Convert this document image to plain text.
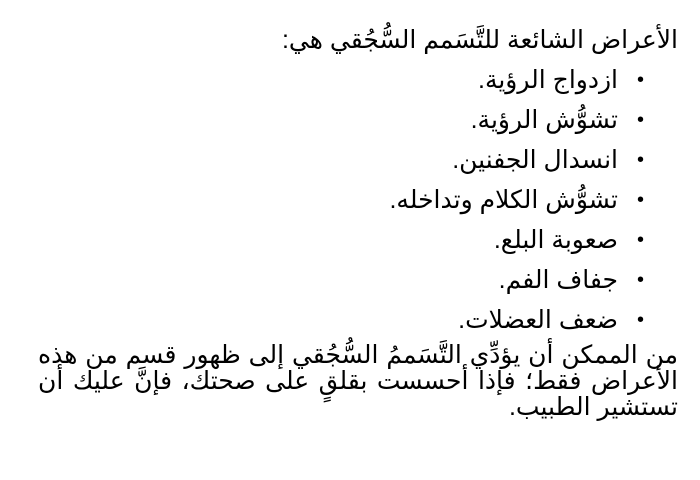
الأعراض الشائعة للتَّسَمم السُّجُقي هي:

•
ازدواج الرؤية.
•
تشوُّش الرؤية.
•
انسدال الجفنين.
•
تشوُّش الكلام وتداخله.
•
صعوبة البلع.
•
جفاف الفم.
•
ضعف العضلات.

من الممكن أن يؤدِّي التَّسَممُ السُّجُقي إلى ظهور قسم من هذه الأعراض فقط؛ فإذا أحسست بقلقٍ على صحتك، فإنَّ عليك أن تستشير الطبيب.
